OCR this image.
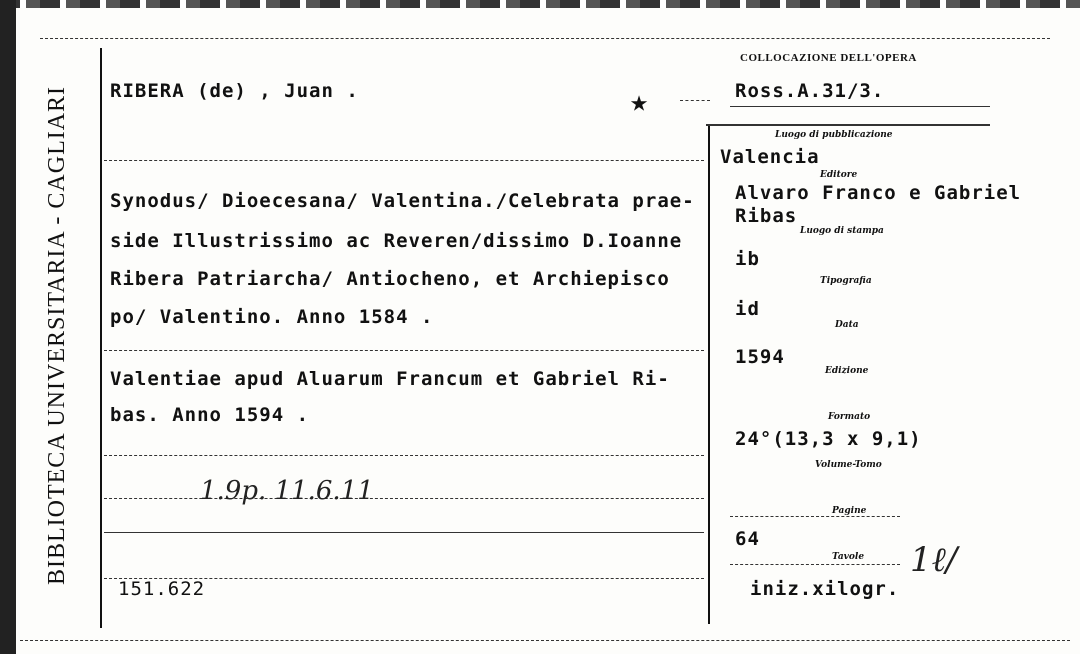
BIBLIOTECA UNIVERSITARIA - CAGLIARI RIBERA (de) , Juan .	★
COLLOCAZIONE DELL'OPERA
Ross.A.31/3.
Synodus/ Dioecesana/ Valentina./Celebrata prae-
side Illustrissimo ac Reveren/dissimo D.Ioanne
Ribera Patriarcha/ Antiocheno, et Archiepisco
po/ Valentino. Anno 1584 .
Valentiae apud Aluarum Francum et Gabriel Ri-
bas. Anno 1594 .
1.9p. 11.6.11
151.622
Luogo di pubblicazione
Valencia
Editore
Alvaro Franco e Gabriel
Ribas
Luogo di stampa
ib
Tipografia
id
Data
1594
Edizione
Formato
24°(13,3 x 9,1)
Volume-Tomo
Pagine
64
Tavole
iniz.xilogr.
1ℓ/
